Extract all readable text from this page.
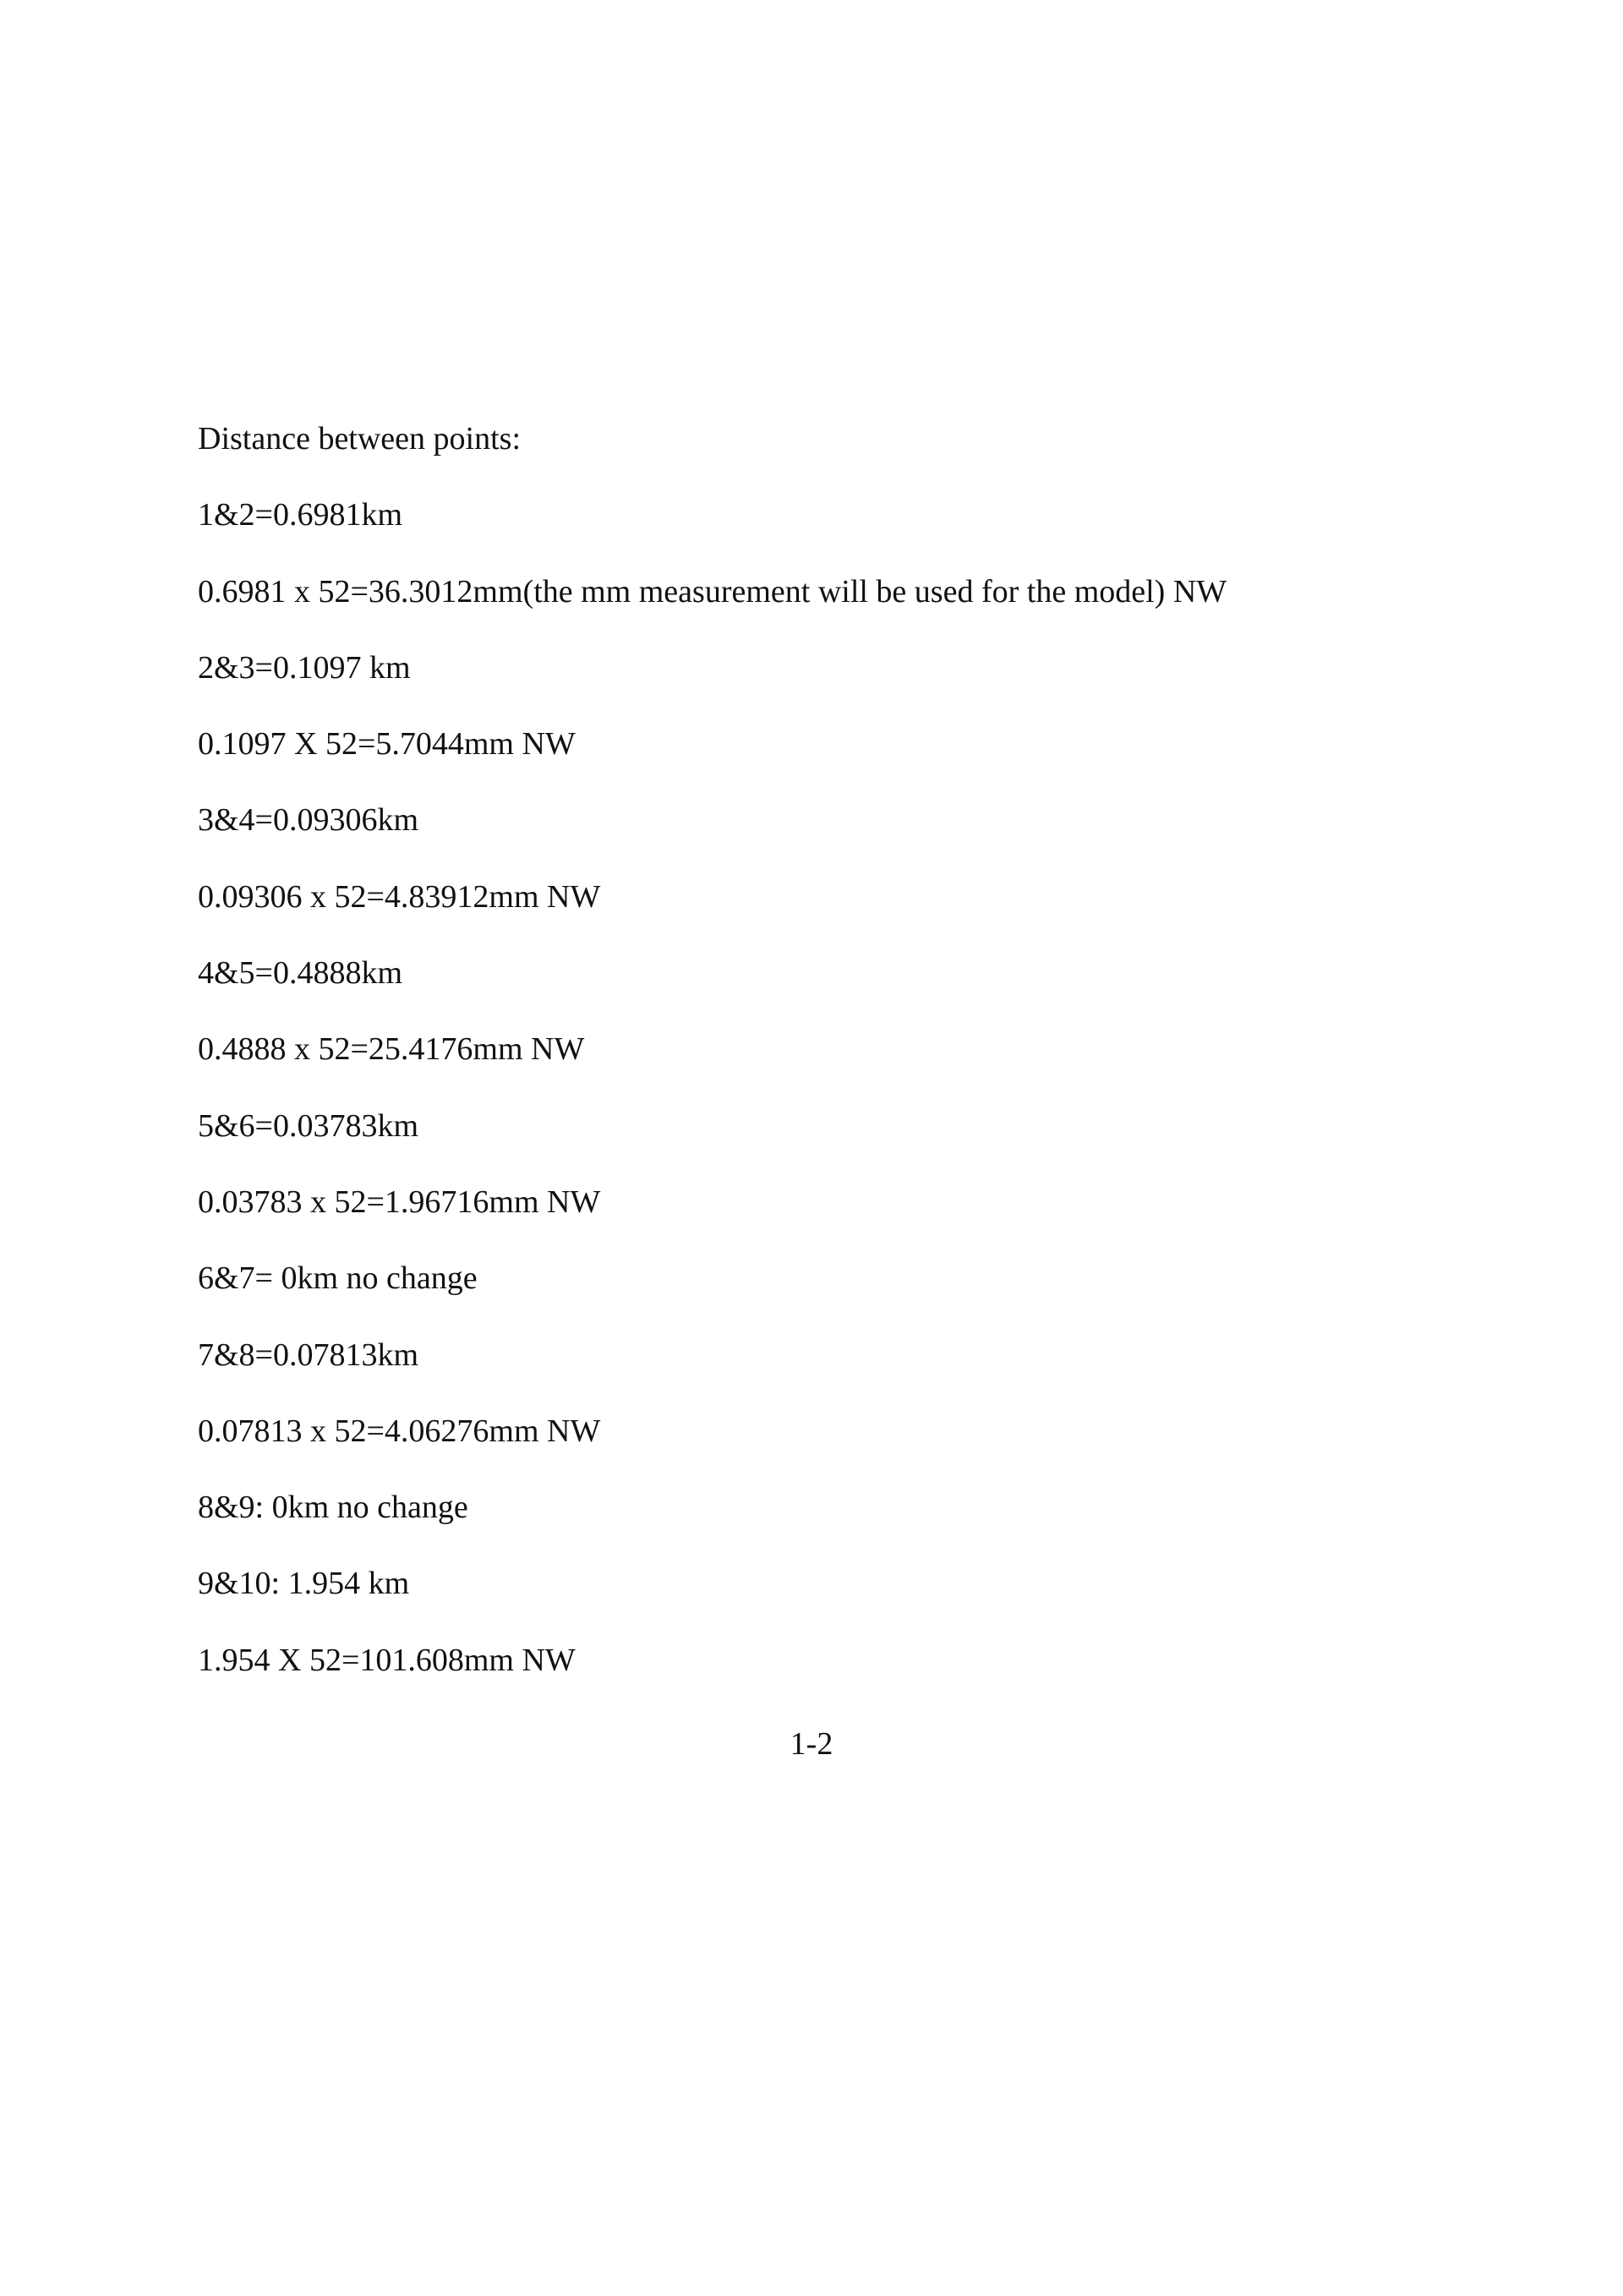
Distance between points:

1&2=0.6981km

0.6981 x 52=36.3012mm(the mm measurement will be used for the model) NW

2&3=0.1097 km

0.1097 X 52=5.7044mm NW

3&4=0.09306km

0.09306 x 52=4.83912mm NW

4&5=0.4888km

0.4888 x 52=25.4176mm NW

5&6=0.03783km

0.03783 x 52=1.96716mm NW

6&7= 0km no change

7&8=0.07813km

0.07813 x 52=4.06276mm NW

8&9: 0km no change

9&10: 1.954 km

1.954 X 52=101.608mm NW

1-2
